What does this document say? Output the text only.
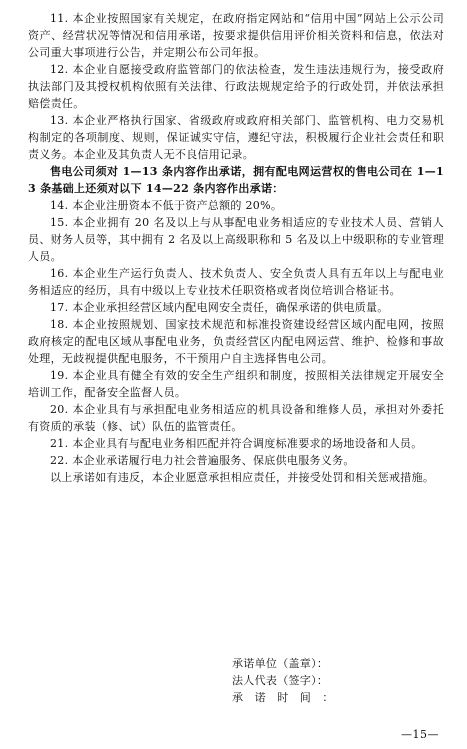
11. 本企业按照国家有关规定，在政府指定网站和“信用中国”网站上公示公司资产、经营状况等情况和信用承诺，按要求提供信用评价相关资料和信息，依法对公司重大事项进行公告，并定期公布公司年报。

12. 本企业自愿接受政府监管部门的依法检查，发生违法违规行为，接受政府执法部门及其授权机构依照有关法律、行政法规规定给予的行政处罚，并依法承担赔偿责任。

13. 本企业严格执行国家、省级政府或政府相关部门、监管机构、电力交易机构制定的各项制度、规则，保证诚实守信，遵纪守法，积极履行企业社会责任和职责义务。本企业及其负责人无不良信用记录。

售电公司须对 1—13 条内容作出承诺，拥有配电网运营权的售电公司在 1—13 条基础上还须对以下 14—22 条内容作出承诺：

14. 本企业注册资本不低于资产总额的 20%。

15. 本企业拥有 20 名及以上与从事配电业务相适应的专业技术人员、营销人员、财务人员等，其中拥有 2 名及以上高级职称和 5 名及以上中级职称的专业管理人员。

16. 本企业生产运行负责人、技术负责人、安全负责人具有五年以上与配电业务相适应的经历，具有中级以上专业技术任职资格或者岗位培训合格证书。

17. 本企业承担经营区域内配电网安全责任，确保承诺的供电质量。

18. 本企业按照规划、国家技术规范和标准投资建设经营区域内配电网，按照政府核定的配电区域从事配电业务，负责经营区内配电网运营、维护、检修和事故处理，无歧视提供配电服务，不干预用户自主选择售电公司。

19. 本企业具有健全有效的安全生产组织和制度，按照相关法律规定开展安全培训工作，配备安全监督人员。

20. 本企业具有与承担配电业务相适应的机具设备和维修人员，承担对外委托有资质的承装（修、试）队伍的监管责任。

21. 本企业具有与配电业务相匹配并符合调度标准要求的场地设备和人员。

22. 本企业承诺履行电力社会普遍服务、保底供电服务义务。

以上承诺如有违反，本企业愿意承担相应责任，并接受处罚和相关惩戒措施。

承诺单位（盖章）：

法人代表（签字）：

承　诺　时　间　：

—15—
